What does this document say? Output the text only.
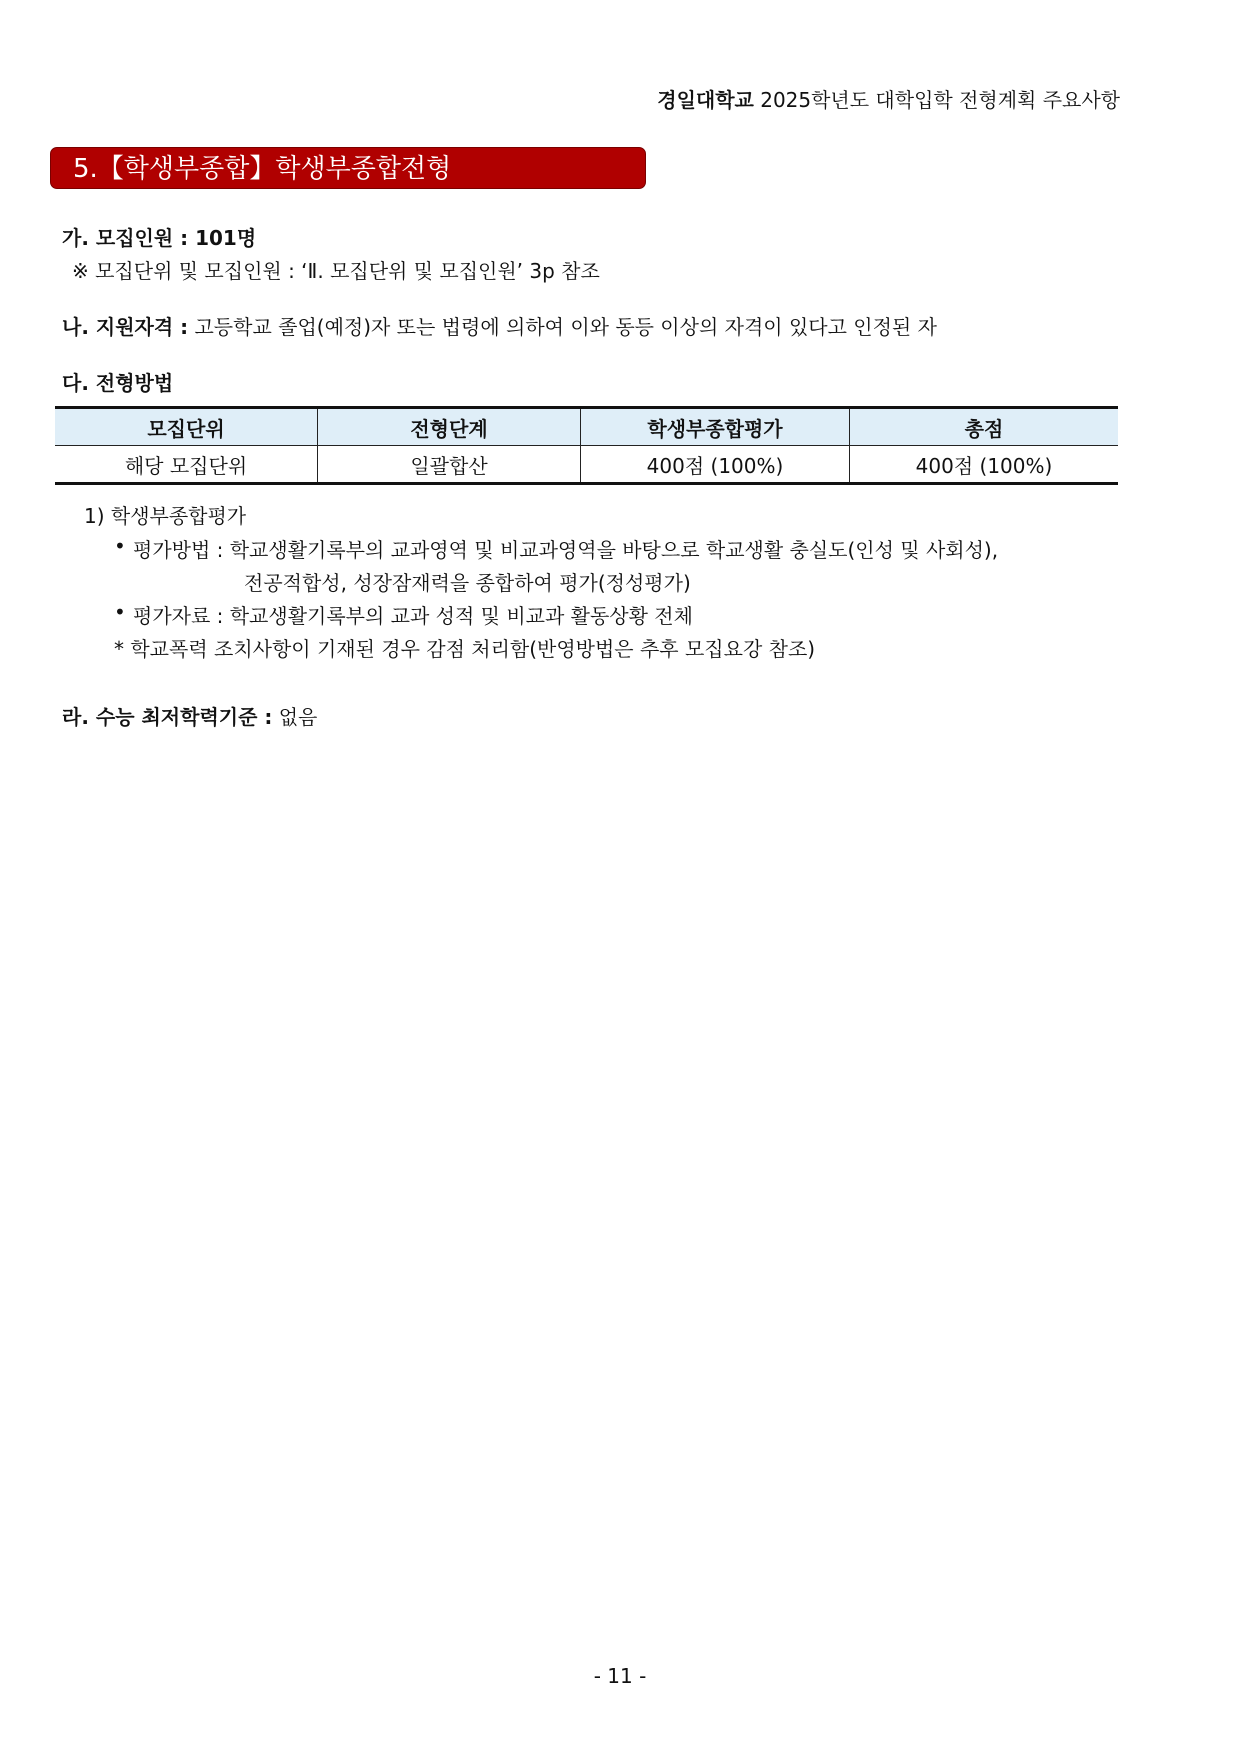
경일대학교 2025학년도 대학입학 전형계획 주요사항
5.【학생부종합】학생부종합전형
가. 모집인원 : 101명
※ 모집단위 및 모집인원 : ‘Ⅱ. 모집단위 및 모집인원’ 3p 참조
나. 지원자격 : 고등학교 졸업(예정)자 또는 법령에 의하여 이와 동등 이상의 자격이 있다고 인정된 자
다. 전형방법
모집단위	전형단계	학생부종합평가	총점
해당 모집단위	일괄합산	400점 (100%)	400점 (100%)
1) 학생부종합평가
• 평가방법 : 학교생활기록부의 교과영역 및 비교과영역을 바탕으로 학교생활 충실도(인성 및 사회성),
전공적합성, 성장잠재력을 종합하여 평가(정성평가)
• 평가자료 : 학교생활기록부의 교과 성적 및 비교과 활동상황 전체
* 학교폭력 조치사항이 기재된 경우 감점 처리함(반영방법은 추후 모집요강 참조)
라. 수능 최저학력기준 : 없음
- 11 -
